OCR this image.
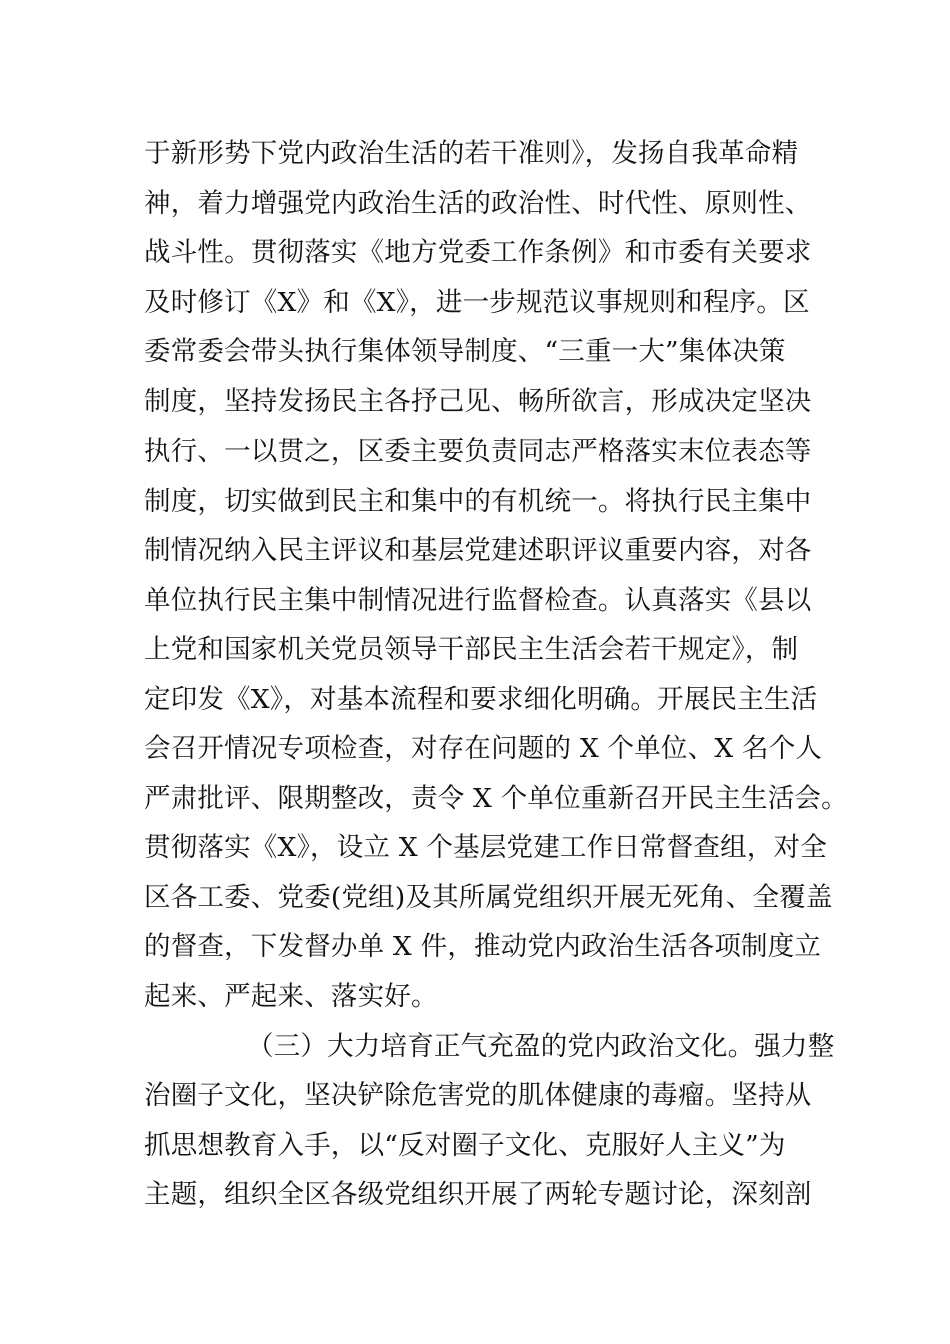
于新形势下党内政治生活的若干准则》，发扬自我革命精
神，着力增强党内政治生活的政治性、时代性、原则性、
战斗性。贯彻落实《地方党委工作条例》和市委有关要求
及时修订《X》和《X》，进一步规范议事规则和程序。区
委常委会带头执行集体领导制度、“三重一大”集体决策
制度，坚持发扬民主各抒己见、畅所欲言，形成决定坚决
执行、一以贯之，区委主要负责同志严格落实末位表态等
制度，切实做到民主和集中的有机统一。将执行民主集中
制情况纳入民主评议和基层党建述职评议重要内容，对各
单位执行民主集中制情况进行监督检查。认真落实《县以
上党和国家机关党员领导干部民主生活会若干规定》，制
定印发《X》，对基本流程和要求细化明确。开展民主生活
会召开情况专项检查，对存在问题的 X 个单位、X 名个人
严肃批评、限期整改，责令 X 个单位重新召开民主生活会。
贯彻落实《X》，设立 X 个基层党建工作日常督查组，对全
区各工委、党委(党组)及其所属党组织开展无死角、全覆盖
的督查，下发督办单 X 件，推动党内政治生活各项制度立
起来、严起来、落实好。
（三）大力培育正气充盈的党内政治文化。强力整
治圈子文化，坚决铲除危害党的肌体健康的毒瘤。坚持从
抓思想教育入手，以“反对圈子文化、克服好人主义”为
主题，组织全区各级党组织开展了两轮专题讨论，深刻剖
